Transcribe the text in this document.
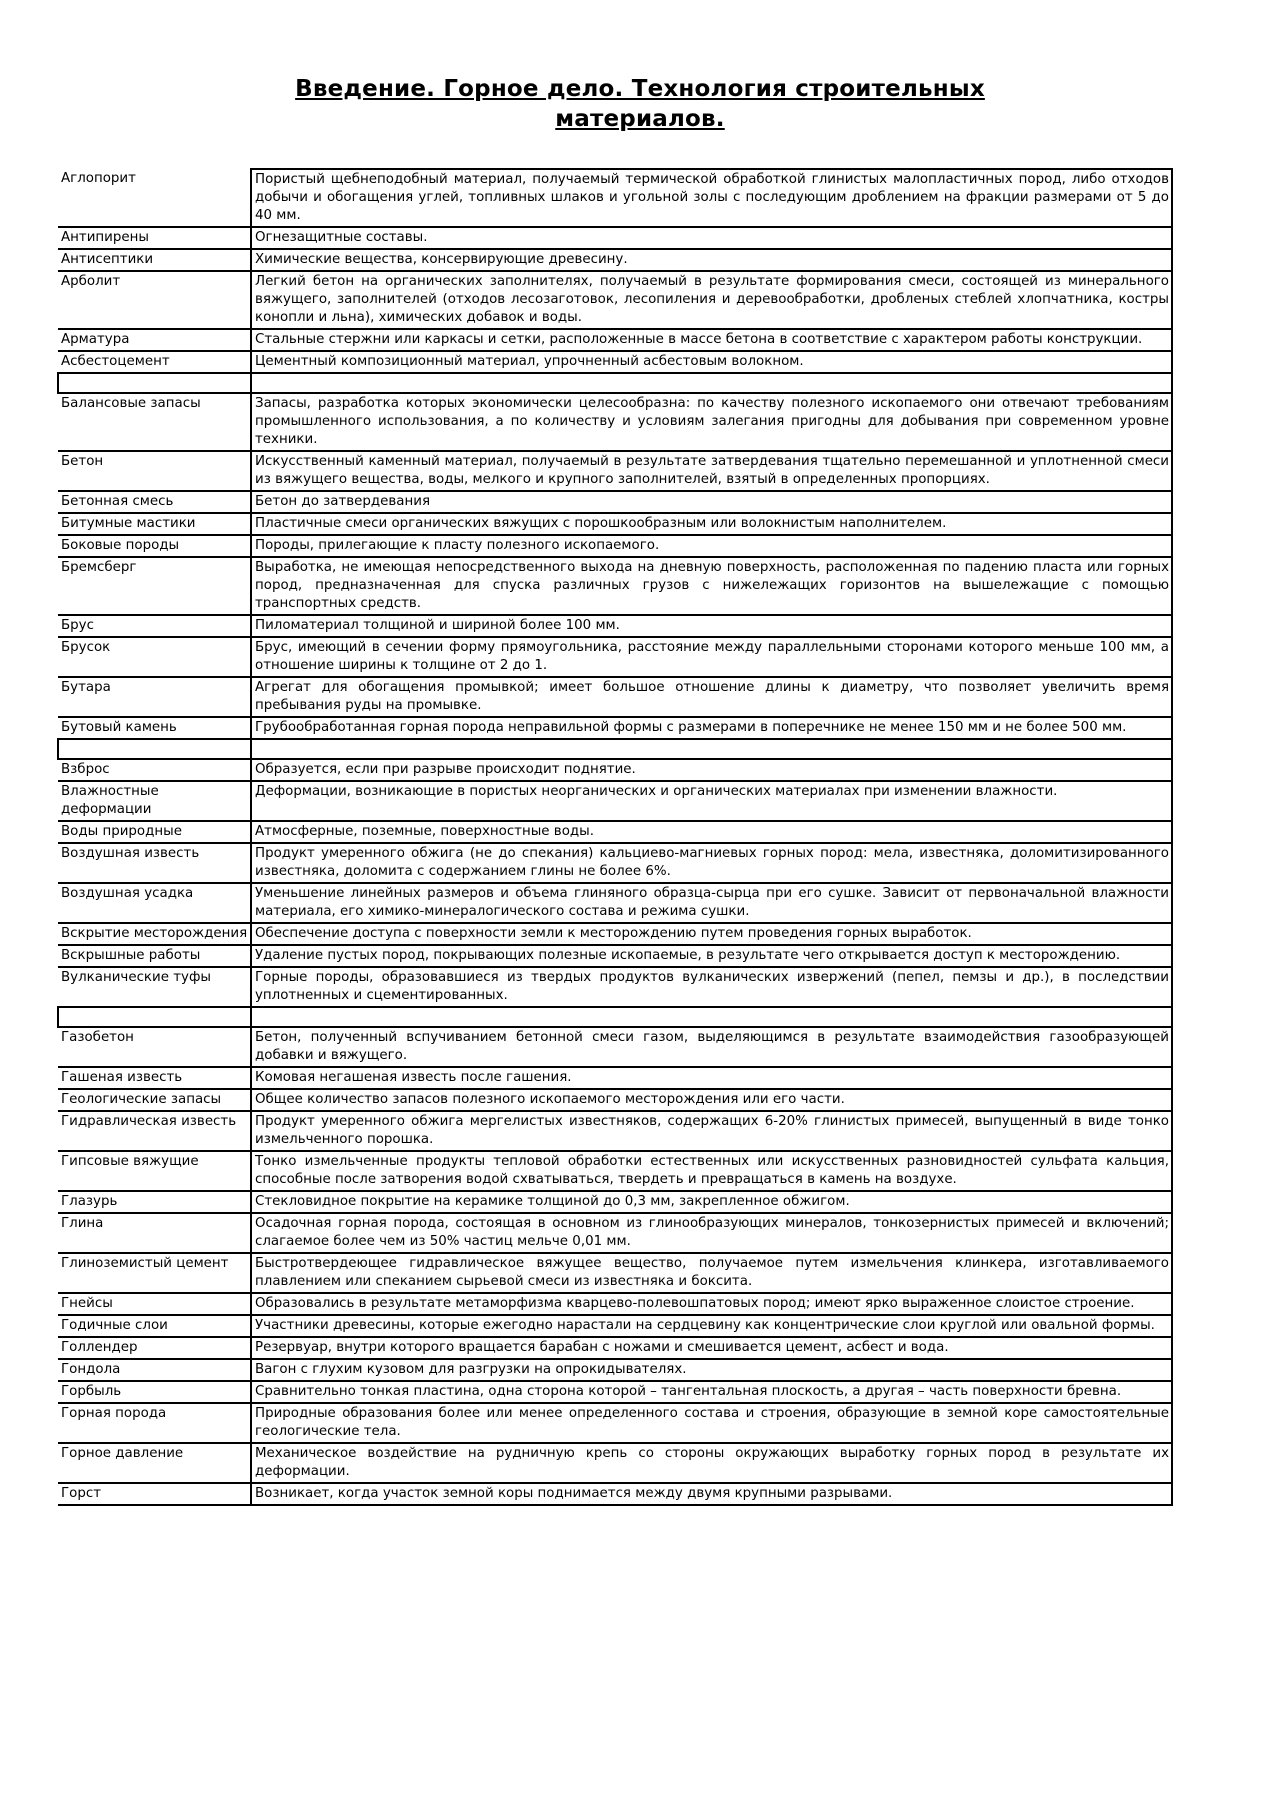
Введение. Горное дело. Технология строительных материалов.
Аглопорит	Пористый щебнеподобный материал, получаемый термической обработкой глинистых малопластичных пород, либо отходов добычи и обогащения углей, топливных шлаков и угольной золы с последующим дроблением на фракции размерами от 5 до 40 мм.
Антипирены	Огнезащитные составы.
Антисептики	Химические вещества, консервирующие древесину.
Арболит	Легкий бетон на органических заполнителях, получаемый в результате формирования смеси, состоящей из минерального вяжущего, заполнителей (отходов лесозаготовок, лесопиления и деревообработки, дробленых стеблей хлопчатника, костры конопли и льна), химических добавок и воды.
Арматура	Стальные стержни или каркасы и сетки, расположенные в массе бетона в соответствие с характером работы конструкции.
Асбестоцемент	Цементный композиционный материал, упрочненный асбестовым волокном.

Балансовые запасы	Запасы, разработка которых экономически целесообразна: по качеству полезного ископаемого они отвечают требованиям промышленного использования, а по количеству и условиям залегания пригодны для добывания при современном уровне техники.
Бетон	Искусственный каменный материал, получаемый в результате затвердевания тщательно перемешанной и уплотненной смеси из вяжущего вещества, воды, мелкого и крупного заполнителей, взятый в определенных пропорциях.
Бетонная смесь	Бетон до затвердевания
Битумные мастики	Пластичные смеси органических вяжущих с порошкообразным или волокнистым наполнителем.
Боковые породы	Породы, прилегающие к пласту полезного ископаемого.
Бремсберг	Выработка, не имеющая непосредственного выхода на дневную поверхность, расположенная по падению пласта или горных пород, предназначенная для спуска различных грузов с нижележащих горизонтов на вышележащие с помощью транспортных средств.
Брус	Пиломатериал толщиной и шириной более 100 мм.
Брусок	Брус, имеющий в сечении форму прямоугольника, расстояние между параллельными сторонами которого меньше 100 мм, а отношение ширины к толщине от 2 до 1.
Бутара	Агрегат для обогащения промывкой; имеет большое отношение длины к диаметру, что позволяет увеличить время пребывания руды на промывке.
Бутовый камень	Грубообработанная горная порода неправильной формы с размерами в поперечнике не менее 150 мм и не более 500 мм.

Взброс	Образуется, если при разрыве происходит поднятие.
Влажностные деформации	Деформации, возникающие в пористых неорганических и органических материалах при изменении влажности.
Воды природные	Атмосферные, поземные, поверхностные воды.
Воздушная известь	Продукт умеренного обжига (не до спекания) кальциево-магниевых горных пород: мела, известняка, доломитизированного известняка, доломита с содержанием глины не более 6%.
Воздушная усадка	Уменьшение линейных размеров и объема глиняного образца-сырца при его сушке. Зависит от первоначальной влажности материала, его химико-минералогического состава и режима сушки.
Вскрытие месторождения	Обеспечение доступа с поверхности земли к месторождению путем проведения горных выработок.
Вскрышные работы	Удаление пустых пород, покрывающих полезные ископаемые, в результате чего открывается доступ к месторождению.
Вулканические туфы	Горные породы, образовавшиеся из твердых продуктов вулканических извержений (пепел, пемзы и др.), в последствии уплотненных и сцементированных.

Газобетон	Бетон, полученный вспучиванием бетонной смеси газом, выделяющимся в результате взаимодействия газообразующей добавки и вяжущего.
Гашеная известь	Комовая негашеная известь после гашения.
Геологические запасы	Общее количество запасов полезного ископаемого месторождения или его части.
Гидравлическая известь	Продукт умеренного обжига мергелистых известняков, содержащих 6-20% глинистых примесей, выпущенный в виде тонко измельченного порошка.
Гипсовые вяжущие	Тонко измельченные продукты тепловой обработки естественных или искусственных разновидностей сульфата кальция, способные после затворения водой схватываться, твердеть и превращаться в камень на воздухе.
Глазурь	Стекловидное покрытие на керамике толщиной до 0,3 мм, закрепленное обжигом.
Глина	Осадочная горная порода, состоящая в основном из глинообразующих минералов, тонкозернистых примесей и включений; слагаемое более чем из 50% частиц мельче 0,01 мм.
Глиноземистый цемент	Быстротвердеющее гидравлическое вяжущее вещество, получаемое путем измельчения клинкера, изготавливаемого плавлением или спеканием сырьевой смеси из известняка и боксита.
Гнейсы	Образовались в результате метаморфизма кварцево-полевошпатовых пород; имеют ярко выраженное слоистое строение.
Годичные слои	Участники древесины, которые ежегодно нарастали на сердцевину как концентрические слои круглой или овальной формы.
Голлендер	Резервуар, внутри которого вращается барабан с ножами и смешивается цемент, асбест и вода.
Гондола	Вагон с глухим кузовом для разгрузки на опрокидывателях.
Горбыль	Сравнительно тонкая пластина, одна сторона которой – тангентальная плоскость, а другая – часть поверхности бревна.
Горная порода	Природные образования более или менее определенного состава и строения, образующие в земной коре самостоятельные геологические тела.
Горное давление	Механическое воздействие на рудничную крепь со стороны окружающих выработку горных пород в результате их деформации.
Горст	Возникает, когда участок земной коры поднимается между двумя крупными разрывами.
